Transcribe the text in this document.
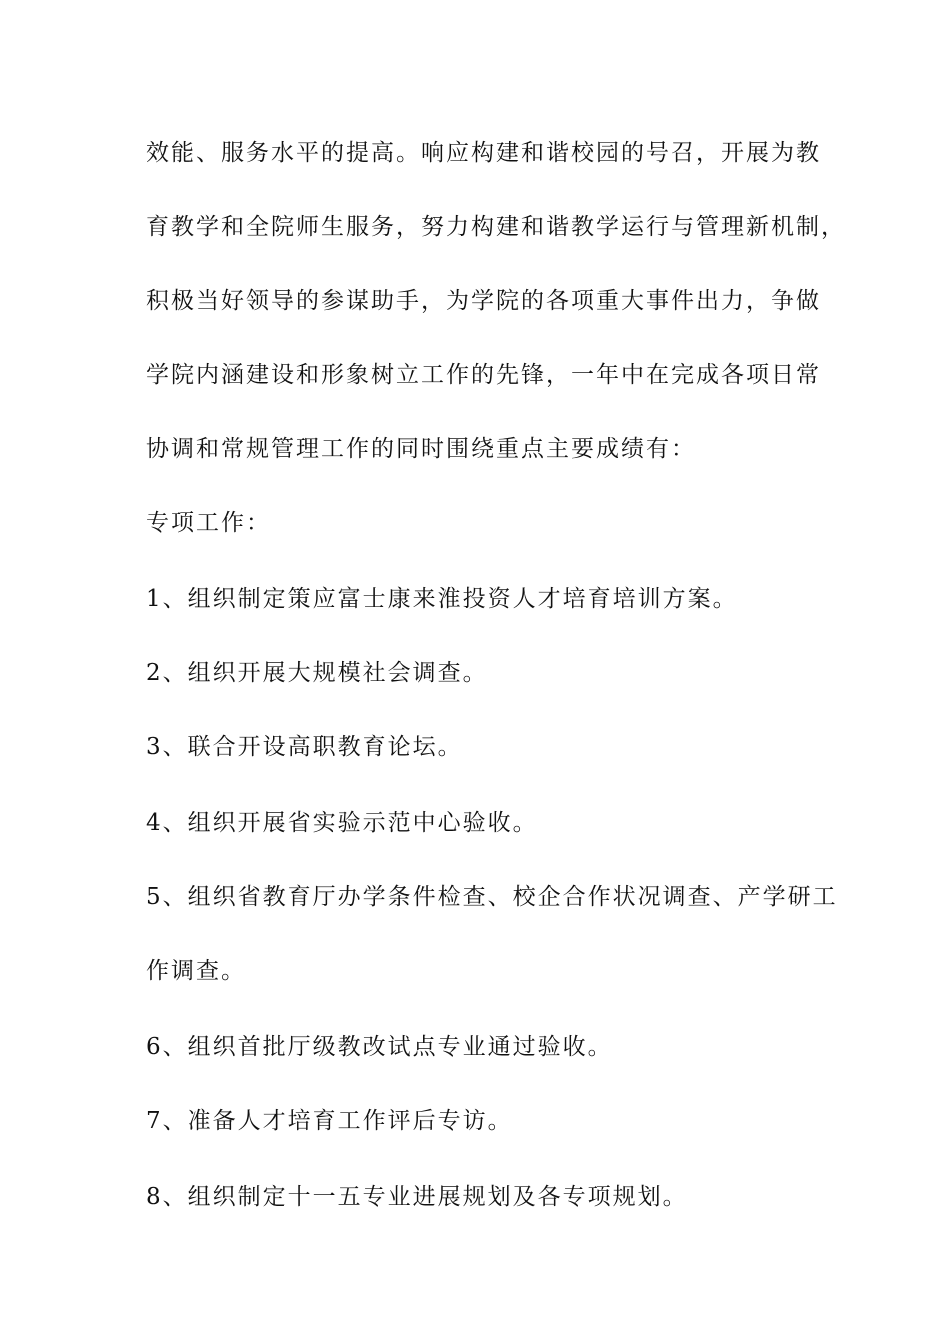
效能、服务水平的提高。响应构建和谐校园的号召，开展为教
育教学和全院师生服务，努力构建和谐教学运行与管理新机制，
积极当好领导的参谋助手，为学院的各项重大事件出力，争做
学院内涵建设和形象树立工作的先锋，一年中在完成各项日常
协调和常规管理工作的同时围绕重点主要成绩有：
专项工作：
1、组织制定策应富士康来淮投资人才培育培训方案。
2、组织开展大规模社会调查。
3、联合开设高职教育论坛。
4、组织开展省实验示范中心验收。
5、组织省教育厅办学条件检查、校企合作状况调查、产学研工
作调查。
6、组织首批厅级教改试点专业通过验收。
7、准备人才培育工作评后专访。
8、组织制定十一五专业进展规划及各专项规划。
